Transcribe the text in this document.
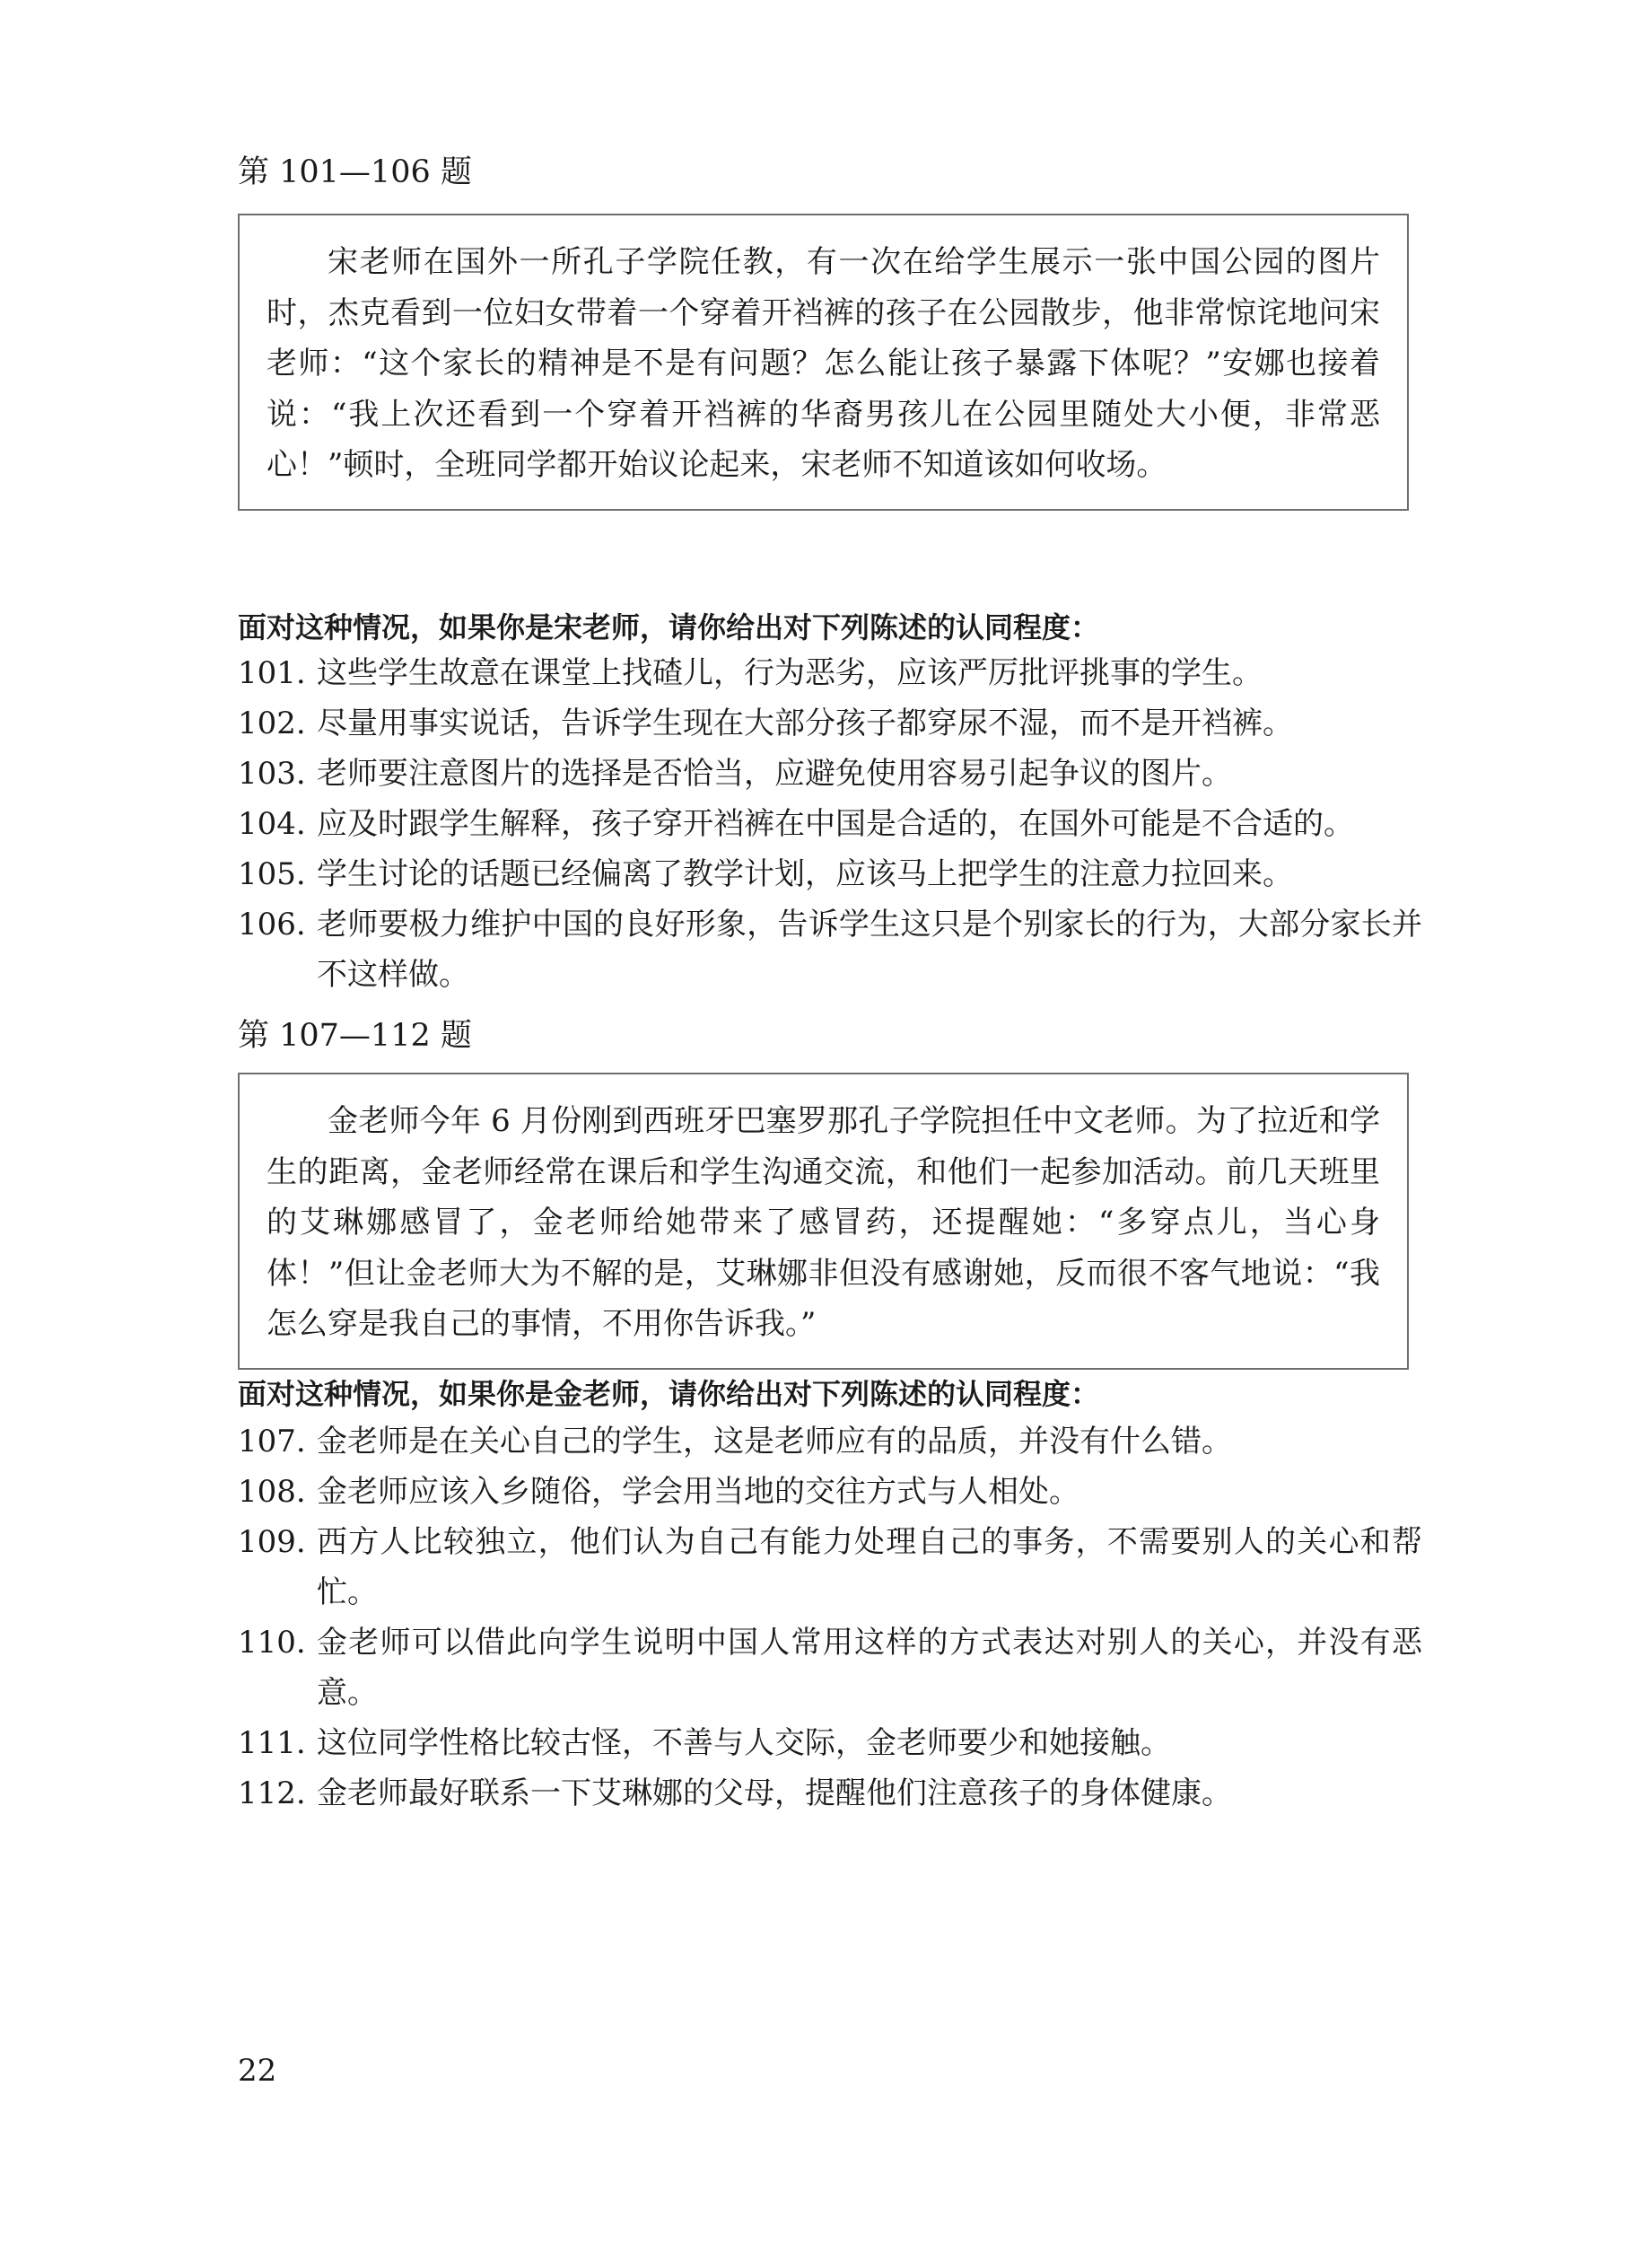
第 101—106 题

宋老师在国外一所孔子学院任教，有一次在给学生展示一张中国公园的图片时，杰克看到一位妇女带着一个穿着开裆裤的孩子在公园散步，他非常惊诧地问宋老师：“这个家长的精神是不是有问题？怎么能让孩子暴露下体呢？”安娜也接着说：“我上次还看到一个穿着开裆裤的华裔男孩儿在公园里随处大小便，非常恶心！”顿时，全班同学都开始议论起来，宋老师不知道该如何收场。

面对这种情况，如果你是宋老师，请你给出对下列陈述的认同程度：
101. 这些学生故意在课堂上找碴儿，行为恶劣，应该严厉批评挑事的学生。
102. 尽量用事实说话，告诉学生现在大部分孩子都穿尿不湿，而不是开裆裤。
103. 老师要注意图片的选择是否恰当，应避免使用容易引起争议的图片。
104. 应及时跟学生解释，孩子穿开裆裤在中国是合适的，在国外可能是不合适的。
105. 学生讨论的话题已经偏离了教学计划，应该马上把学生的注意力拉回来。
106. 老师要极力维护中国的良好形象，告诉学生这只是个别家长的行为，大部分家长并不这样做。
第 107—112 题

金老师今年 6 月份刚到西班牙巴塞罗那孔子学院担任中文老师。为了拉近和学生的距离，金老师经常在课后和学生沟通交流，和他们一起参加活动。前几天班里的艾琳娜感冒了，金老师给她带来了感冒药，还提醒她：“多穿点儿，当心身体！”但让金老师大为不解的是，艾琳娜非但没有感谢她，反而很不客气地说：“我怎么穿是我自己的事情，不用你告诉我。”

面对这种情况，如果你是金老师，请你给出对下列陈述的认同程度：
107. 金老师是在关心自己的学生，这是老师应有的品质，并没有什么错。
108. 金老师应该入乡随俗，学会用当地的交往方式与人相处。
109. 西方人比较独立，他们认为自己有能力处理自己的事务，不需要别人的关心和帮忙。
110. 金老师可以借此向学生说明中国人常用这样的方式表达对别人的关心，并没有恶意。
111. 这位同学性格比较古怪，不善与人交际，金老师要少和她接触。
112. 金老师最好联系一下艾琳娜的父母，提醒他们注意孩子的身体健康。
22
